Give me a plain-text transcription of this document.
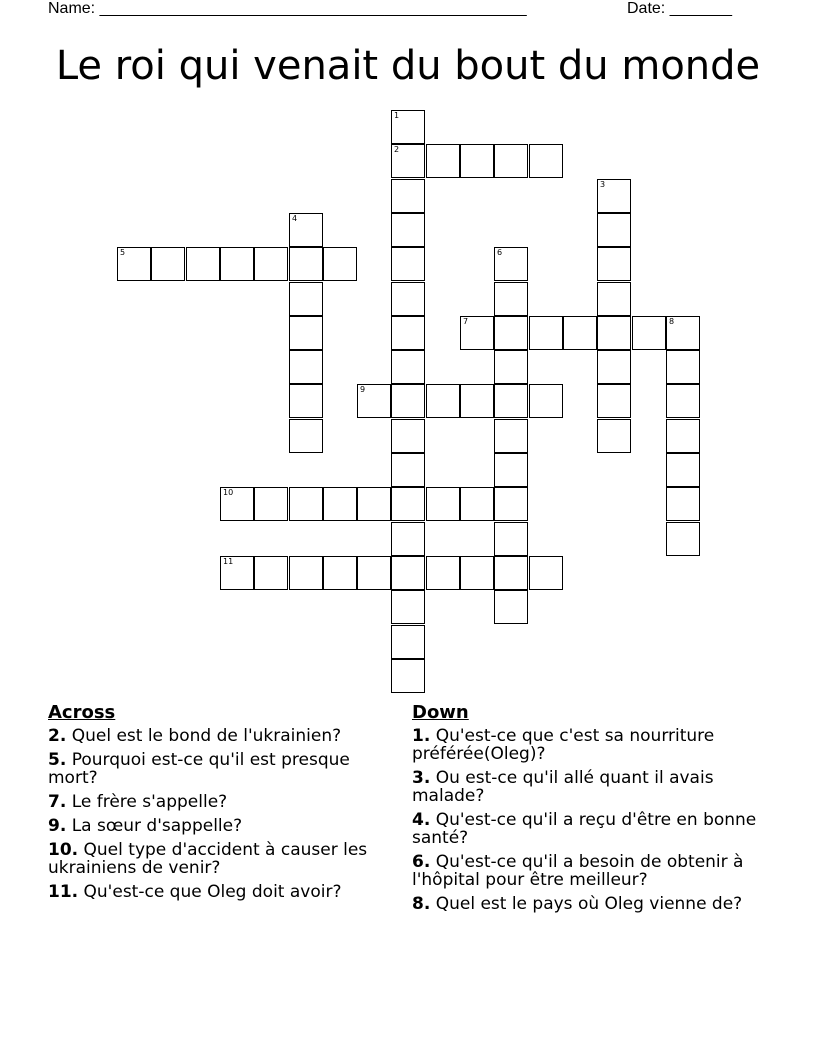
Name: ________________________________________________	Date: _______
Le roi qui venait du bout du monde
1
2
3
4
5	6
7	8
9
10
11
Across
2. Quel est le bond de l'ukrainien?
5. Pourquoi est-ce qu'il est presque mort?
7. Le frère s'appelle?
9. La sœur d'sappelle?
10. Quel type d'accident à causer les ukrainiens de venir?
11. Qu'est-ce que Oleg doit avoir?
Down
1. Qu'est-ce que c'est sa nourriture préférée(Oleg)?
3. Ou est-ce qu'il allé quant il avais malade?
4. Qu'est-ce qu'il a reçu d'être en bonne santé?
6. Qu'est-ce qu'il a besoin de obtenir à l'hôpital pour être meilleur?
8. Quel est le pays où Oleg vienne de?
